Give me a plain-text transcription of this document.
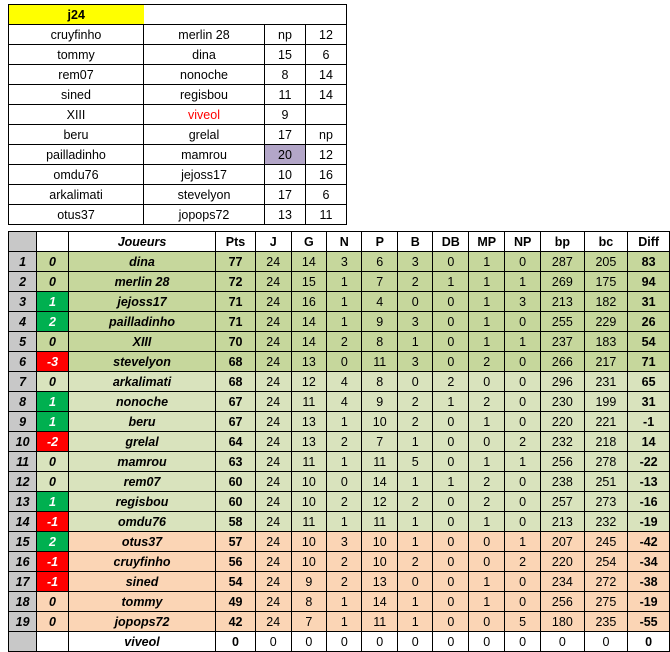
j24			
cruyfinho	merlin 28	np	12
tommy	dina	15	6
rem07	nonoche	8	14
sined	regisbou	11	14
XIII	viveol	9	
beru	grelal	17	np
pailladinho	mamrou	20	12
omdu76	jejoss17	10	16
arkalimati	stevelyon	17	6
otus37	jopops72	13	11
		Joueurs	Pts	J	G	N	P	B	DB	MP	NP	bp	bc	Diff
1	0	dina	77	24	14	3	6	3	0	1	0	287	205	83
2	0	merlin 28	72	24	15	1	7	2	1	1	1	269	175	94
3	1	jejoss17	71	24	16	1	4	0	0	1	3	213	182	31
4	2	pailladinho	71	24	14	1	9	3	0	1	0	255	229	26
5	0	XIII	70	24	14	2	8	1	0	1	1	237	183	54
6	-3	stevelyon	68	24	13	0	11	3	0	2	0	266	217	71
7	0	arkalimati	68	24	12	4	8	0	2	0	0	296	231	65
8	1	nonoche	67	24	11	4	9	2	1	2	0	230	199	31
9	1	beru	67	24	13	1	10	2	0	1	0	220	221	-1
10	-2	grelal	64	24	13	2	7	1	0	0	2	232	218	14
11	0	mamrou	63	24	11	1	11	5	0	1	1	256	278	-22
12	0	rem07	60	24	10	0	14	1	1	2	0	238	251	-13
13	1	regisbou	60	24	10	2	12	2	0	2	0	257	273	-16
14	-1	omdu76	58	24	11	1	11	1	0	1	0	213	232	-19
15	2	otus37	57	24	10	3	10	1	0	0	1	207	245	-42
16	-1	cruyfinho	56	24	10	2	10	2	0	0	2	220	254	-34
17	-1	sined	54	24	9	2	13	0	0	1	0	234	272	-38
18	0	tommy	49	24	8	1	14	1	0	1	0	256	275	-19
19	0	jopops72	42	24	7	1	11	1	0	0	5	180	235	-55
		viveol	0	0	0	0	0	0	0	0	0	0	0	0
